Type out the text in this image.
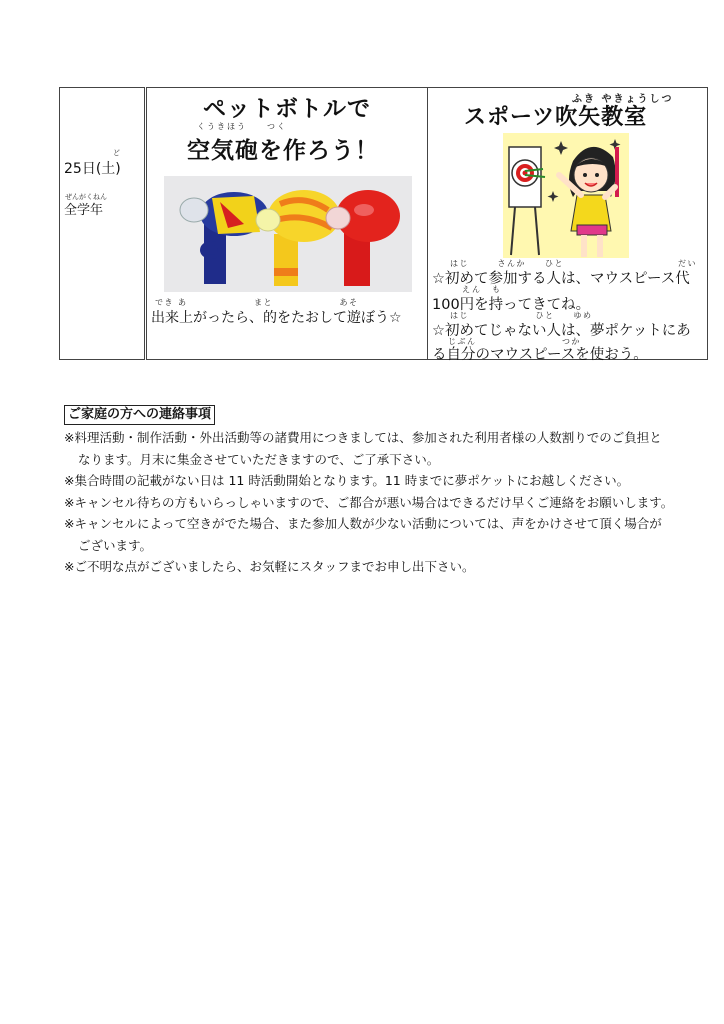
ど
25日(土)
ぜんがくねん
全学年

ペットボトルで
くうきほう　　つく
空気砲を作ろう！
でき あ　　　　　　　まと　　　　　　　あそ
出来上がったら、的をたおして遊ぼう☆

ふき やきょうしつ
スポーツ吹矢教室
はじ　　　さんか　　ひと　　　　　　　　　　　　だい
☆初めて参加する人は、マウスピース代
えん　も
100円を持ってきてね。
はじ　　　　　　　ひと　　ゆめ
☆初めてじゃない人は、夢ポケットにあ
じぶん　　　　　　　　　つか
る自分のマウスピースを使おう。
ご家庭の方への連絡事項
※料理活動・制作活動・外出活動等の諸費用につきましては、参加された利用者様の人数割りでのご負担と
なります。月末に集金させていただきますので、ご了承下さい。
※集合時間の記載がない日は 11 時活動開始となります。11 時までに夢ポケットにお越しください。
※キャンセル待ちの方もいらっしゃいますので、ご都合が悪い場合はできるだけ早くご連絡をお願いします。
※キャンセルによって空きがでた場合、また参加人数が少ない活動については、声をかけさせて頂く場合が
ございます。
※ご不明な点がございましたら、お気軽にスタッフまでお申し出下さい。
